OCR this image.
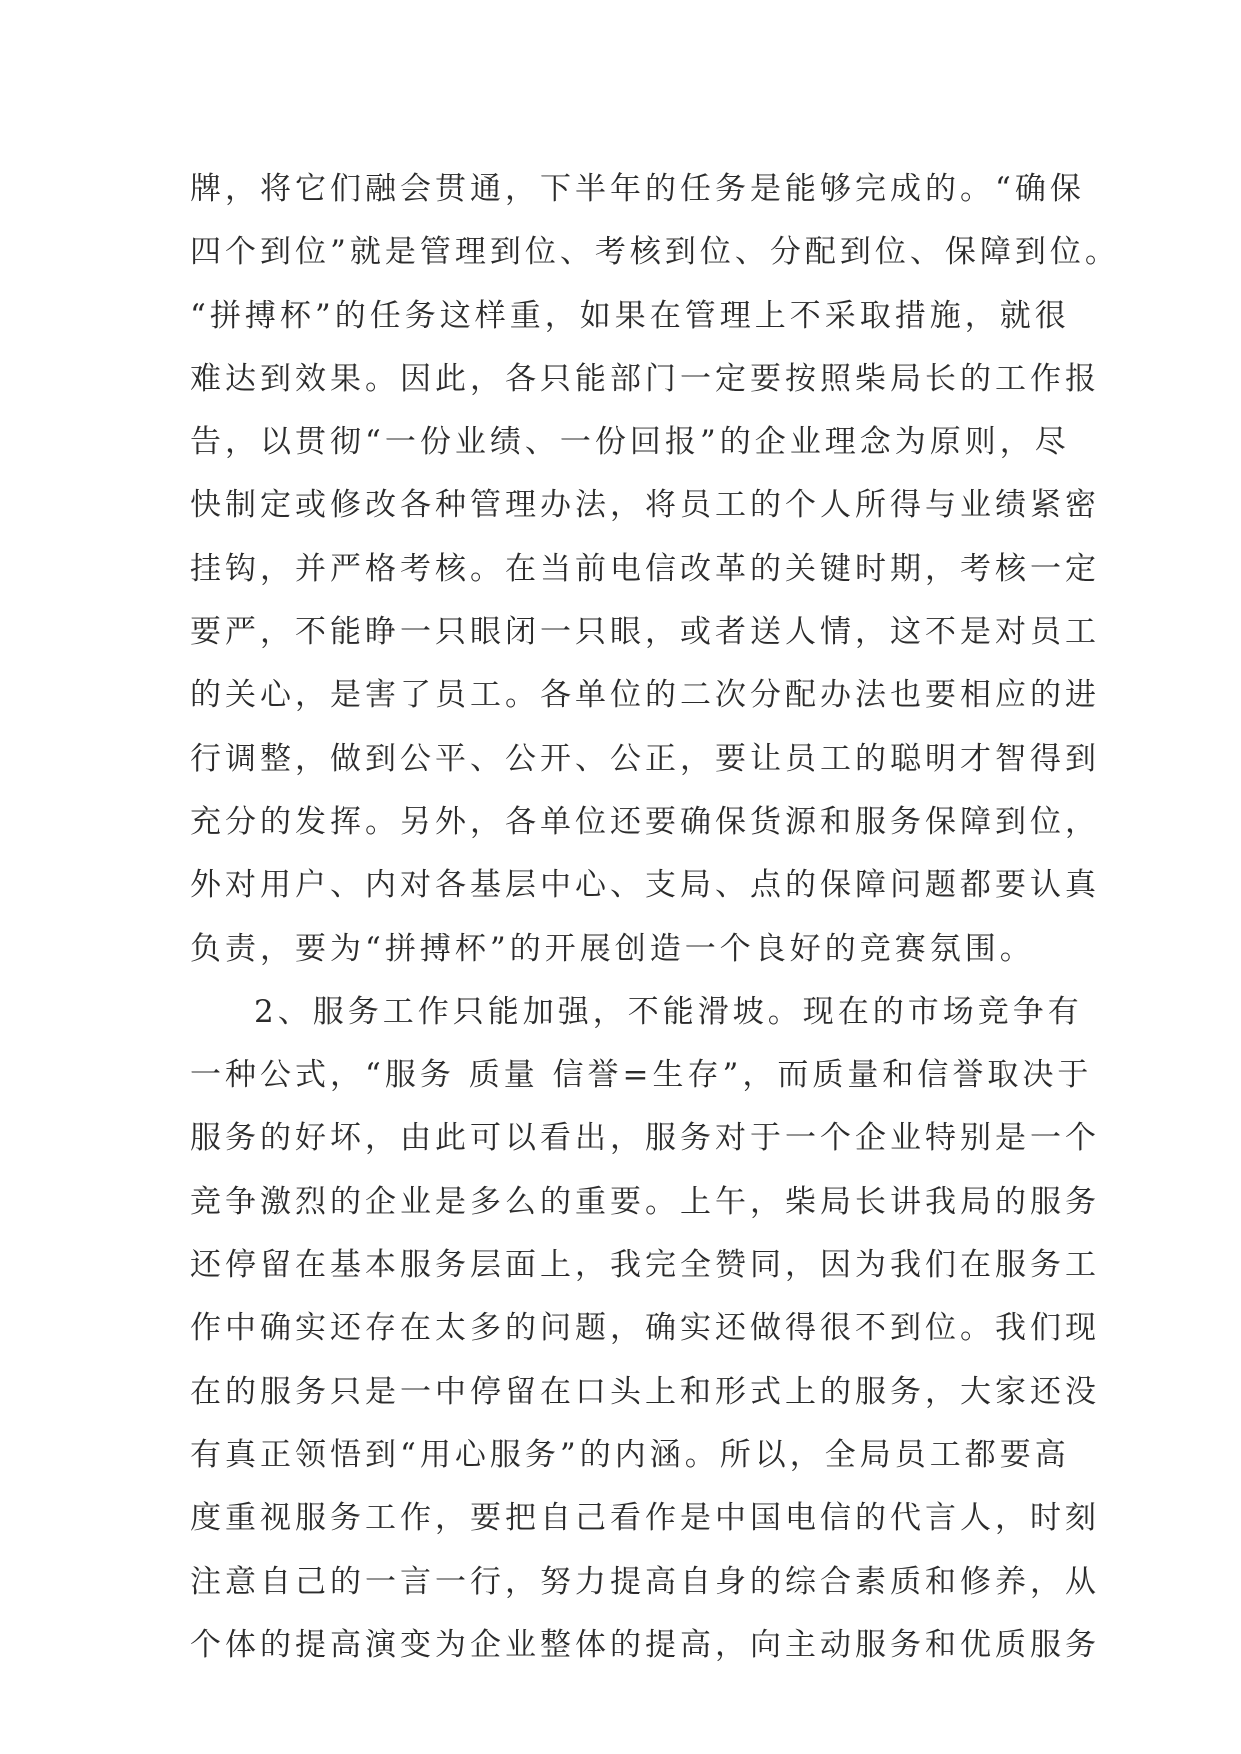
牌，将它们融会贯通，下半年的任务是能够完成的。“确保
四个到位”就是管理到位、考核到位、分配到位、保障到位。
“拼搏杯”的任务这样重，如果在管理上不采取措施，就很
难达到效果。因此，各只能部门一定要按照柴局长的工作报
告，以贯彻“一份业绩、一份回报”的企业理念为原则，尽
快制定或修改各种管理办法，将员工的个人所得与业绩紧密
挂钩，并严格考核。在当前电信改革的关键时期，考核一定
要严，不能睁一只眼闭一只眼，或者送人情，这不是对员工
的关心，是害了员工。各单位的二次分配办法也要相应的进
行调整，做到公平、公开、公正，要让员工的聪明才智得到
充分的发挥。另外，各单位还要确保货源和服务保障到位，
外对用户、内对各基层中心、支局、点的保障问题都要认真
负责，要为“拼搏杯”的开展创造一个良好的竞赛氛围。
2、服务工作只能加强，不能滑坡。现在的市场竞争有
一种公式，“服务 质量 信誉=生存”，而质量和信誉取决于
服务的好坏，由此可以看出，服务对于一个企业特别是一个
竞争激烈的企业是多么的重要。上午，柴局长讲我局的服务
还停留在基本服务层面上，我完全赞同，因为我们在服务工
作中确实还存在太多的问题，确实还做得很不到位。我们现
在的服务只是一中停留在口头上和形式上的服务，大家还没
有真正领悟到“用心服务”的内涵。所以，全局员工都要高
度重视服务工作，要把自己看作是中国电信的代言人，时刻
注意自己的一言一行，努力提高自身的综合素质和修养，从
个体的提高演变为企业整体的提高，向主动服务和优质服务
